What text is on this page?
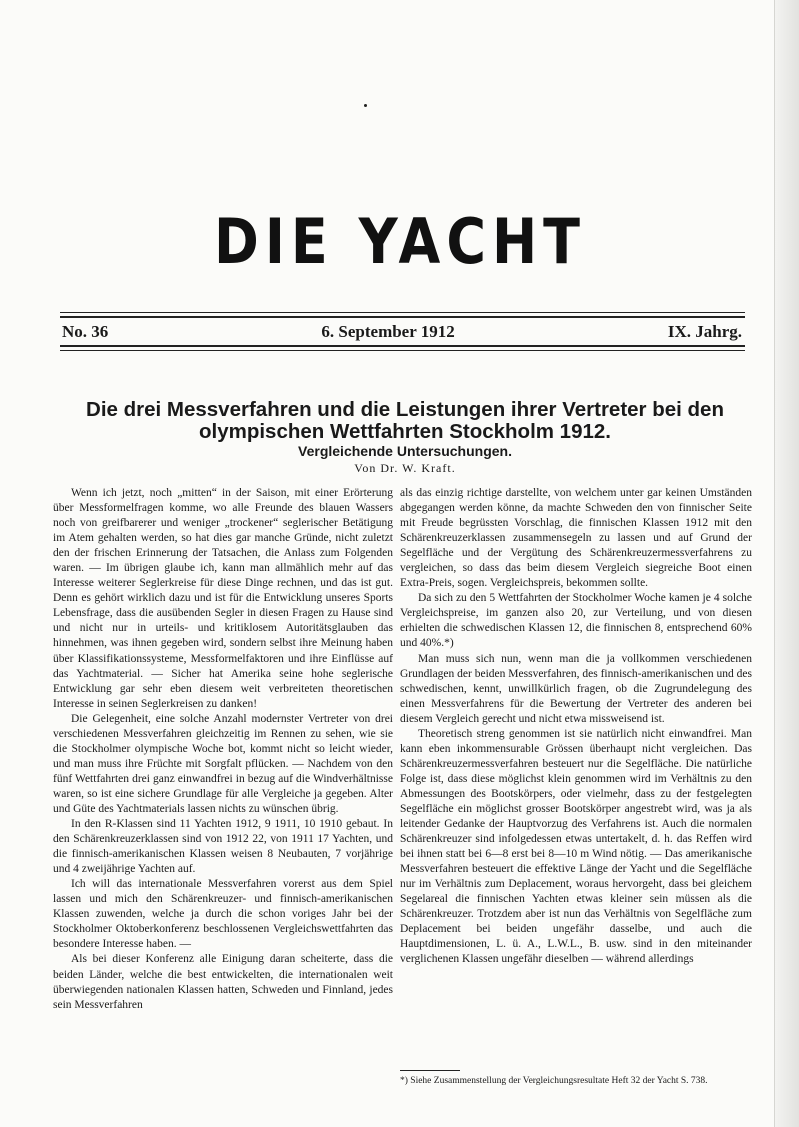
DIE YACHT
No. 36	6. September 1912	IX. Jahrg.
Die drei Messverfahren und die Leistungen ihrer Vertreter bei den
olympischen Wettfahrten Stockholm 1912.
Vergleichende Untersuchungen.
Von Dr. W. Kraft.

Wenn ich jetzt, noch „mitten“ in der Saison, mit einer Erörterung über Messformelfragen komme, wo alle Freunde des blauen Wassers noch von greifbarerer und weniger „trockener“ seglerischer Betätigung im Atem gehalten werden, so hat dies gar manche Gründe, nicht zuletzt den der frischen Erinnerung der Tatsachen, die Anlass zum Folgenden waren. — Im übrigen glaube ich, kann man allmählich mehr auf das Interesse weiterer Seglerkreise für diese Dinge rechnen, und das ist gut. Denn es gehört wirklich dazu und ist für die Entwicklung unseres Sports Lebensfrage, dass die ausübenden Segler in diesen Fragen zu Hause sind und nicht nur in urteils- und kritiklosem Autoritätsglauben das hinnehmen, was ihnen gegeben wird, sondern selbst ihre Meinung haben über Klassifikationssysteme, Messformelfaktoren und ihre Einflüsse auf das Yachtmaterial. — Sicher hat Amerika seine hohe seglerische Entwicklung gar sehr eben diesem weit verbreiteten theoretischen Interesse in seinen Seglerkreisen zu danken!

Die Gelegenheit, eine solche Anzahl modernster Vertreter von drei verschiedenen Messverfahren gleichzeitig im Rennen zu sehen, wie sie die Stockholmer olympische Woche bot, kommt nicht so leicht wieder, und man muss ihre Früchte mit Sorgfalt pflücken. — Nachdem von den fünf Wettfahrten drei ganz einwandfrei in bezug auf die Windverhältnisse waren, so ist eine sichere Grundlage für alle Vergleiche ja gegeben. Alter und Güte des Yachtmaterials lassen nichts zu wünschen übrig.

In den R-Klassen sind 11 Yachten 1912, 9 1911, 10 1910 gebaut. In den Schärenkreuzerklassen sind von 1912 22, von 1911 17 Yachten, und die finnisch-amerikanischen Klassen weisen 8 Neubauten, 7 vorjährige und 4 zweijährige Yachten auf.

Ich will das internationale Messverfahren vorerst aus dem Spiel lassen und mich den Schärenkreuzer- und finnisch-amerikanischen Klassen zuwenden, welche ja durch die schon voriges Jahr bei der Stockholmer Oktoberkonferenz beschlossenen Vergleichswettfahrten das besondere Interesse haben. —

Als bei dieser Konferenz alle Einigung daran scheiterte, dass die beiden Länder, welche die best entwickelten, die internationalen weit überwiegenden nationalen Klassen hatten, Schweden und Finnland, jedes sein Messverfahren

als das einzig richtige darstellte, von welchem unter gar keinen Umständen abgegangen werden könne, da machte Schweden den von finnischer Seite mit Freude begrüssten Vorschlag, die finnischen Klassen 1912 mit den Schärenkreuzerklassen zusammensegeln zu lassen und auf Grund der Segelfläche und der Vergütung des Schärenkreuzermessverfahrens zu vergleichen, so dass das beim diesem Vergleich siegreiche Boot einen Extra-Preis, sogen. Vergleichspreis, bekommen sollte.

Da sich zu den 5 Wettfahrten der Stockholmer Woche kamen je 4 solche Vergleichspreise, im ganzen also 20, zur Verteilung, und von diesen erhielten die schwedischen Klassen 12, die finnischen 8, entsprechend 60% und 40%.*)

Man muss sich nun, wenn man die ja vollkommen verschiedenen Grundlagen der beiden Messverfahren, des finnisch-amerikanischen und des schwedischen, kennt, unwillkürlich fragen, ob die Zugrundelegung des einen Messverfahrens für die Bewertung der Vertreter des anderen bei diesem Vergleich gerecht und nicht etwa missweisend ist.

Theoretisch streng genommen ist sie natürlich nicht einwandfrei. Man kann eben inkommensurable Grössen überhaupt nicht vergleichen. Das Schärenkreuzermessverfahren besteuert nur die Segelfläche. Die natürliche Folge ist, dass diese möglichst klein genommen wird im Verhältnis zu den Abmessungen des Bootskörpers, oder vielmehr, dass zu der festgelegten Segelfläche ein möglichst grosser Bootskörper angestrebt wird, was ja als leitender Gedanke der Hauptvorzug des Verfahrens ist. Auch die normalen Schärenkreuzer sind infolgedessen etwas untertakelt, d. h. das Reffen wird bei ihnen statt bei 6—8 erst bei 8—10 m Wind nötig. — Das amerikanische Messverfahren besteuert die effektive Länge der Yacht und die Segelfläche nur im Verhältnis zum Deplacement, woraus hervorgeht, dass bei gleichem Segelareal die finnischen Yachten etwas kleiner sein müssen als die Schärenkreuzer. Trotzdem aber ist nun das Verhältnis von Segelfläche zum Deplacement bei beiden ungefähr dasselbe, und auch die Hauptdimensionen, L. ü. A., L.W.L., B. usw. sind in den miteinander verglichenen Klassen ungefähr dieselben — während allerdings

*) Siehe Zusammenstellung der Vergleichungsresultate Heft 32 der Yacht S. 738.
